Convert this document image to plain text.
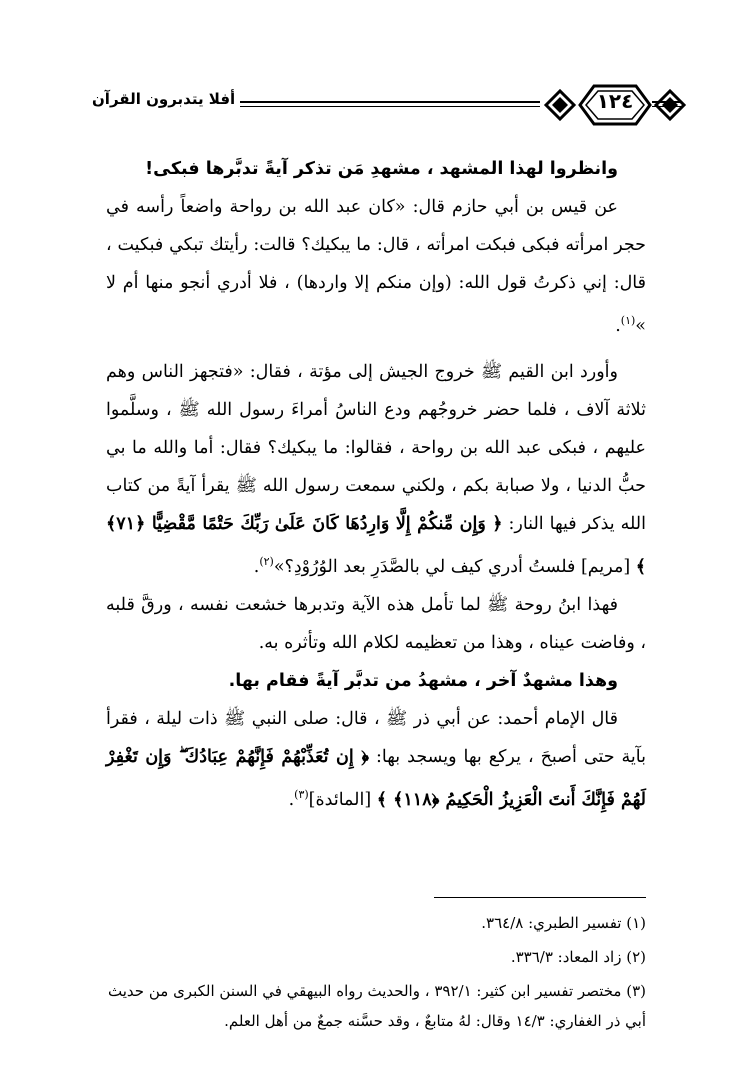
أفلا يتدبرون القرآن	١٢٤

وانظروا لهذا المشهد ، مشهدِ مَن تذكر آيةً تدبَّرها فبكى!

عن قيس بن أبي حازم قال: «كان عبد الله بن رواحة واضعاً رأسه في حجر امرأته فبكى فبكت امرأته ، قال: ما يبكيك؟ قالت: رأيتك تبكي فبكيت ، قال: إني ذكرتُ قول الله: (وإن منكم إلا واردها) ، فلا أدري أنجو منها أم لا »$^{(١)}$.

وأورد ابن القيم ﷺ خروج الجيش إلى مؤتة ، فقال: «فتجهز الناس وهم ثلاثة آلاف ، فلما حضر خروجُهم ودع الناسُ أمراءَ رسول الله ﷺ ، وسلَّموا عليهم ، فبكى عبد الله بن رواحة ، فقالوا: ما يبكيك؟ فقال: أما والله ما بي حبُّ الدنيا ، ولا صبابة بكم ، ولكني سمعت رسول الله ﷺ يقرأ آيةً من كتاب الله يذكر فيها النار: ﴿ وَإِن مِّنكُمْ إِلَّا وَارِدُهَا كَانَ عَلَىٰ رَبِّكَ حَتْمًا مَّقْضِيًّا ﴿٧١﴾ ﴾ [مريم] فلستُ أدري كيف لي بالصَّدَرِ بعد الوُرُوْدِ؟»$^{(٢)}$.

فهذا ابنُ روحة ﷺ لما تأمل هذه الآية وتدبرها خشعت نفسه ، ورقَّ قلبه ، وفاضت عيناه ، وهذا من تعظيمه لكلام الله وتأثره به.

وهذا مشهدٌ آخر ، مشهدُ من تدبَّر آيةً فقام بها.

قال الإمام أحمد: عن أبي ذر ﷺ ، قال: صلى النبي ﷺ ذات ليلة ، فقرأ بآية حتى أصبحَ ، يركع بها ويسجد بها: ﴿ إِن تُعَذِّبْهُمْ فَإِنَّهُمْ عِبَادُكَ ۖ وَإِن تَغْفِرْ لَهُمْ فَإِنَّكَ أَنتَ الْعَزِيزُ الْحَكِيمُ ﴿١١٨﴾ ﴾ [المائدة]$^{(٣)}$.

(١) تفسير الطبري: ٣٦٤/٨.

(٢) زاد المعاد: ٣٣٦/٣.

(٣) مختصر تفسير ابن كثير: ٣٩٢/١ ، والحديث رواه البيهقي في السنن الكبرى من حديث أبي ذر الغفاري: ١٤/٣ وقال: لهُ متابعٌ ، وقد حسَّنه جمعٌ من أهل العلم.
